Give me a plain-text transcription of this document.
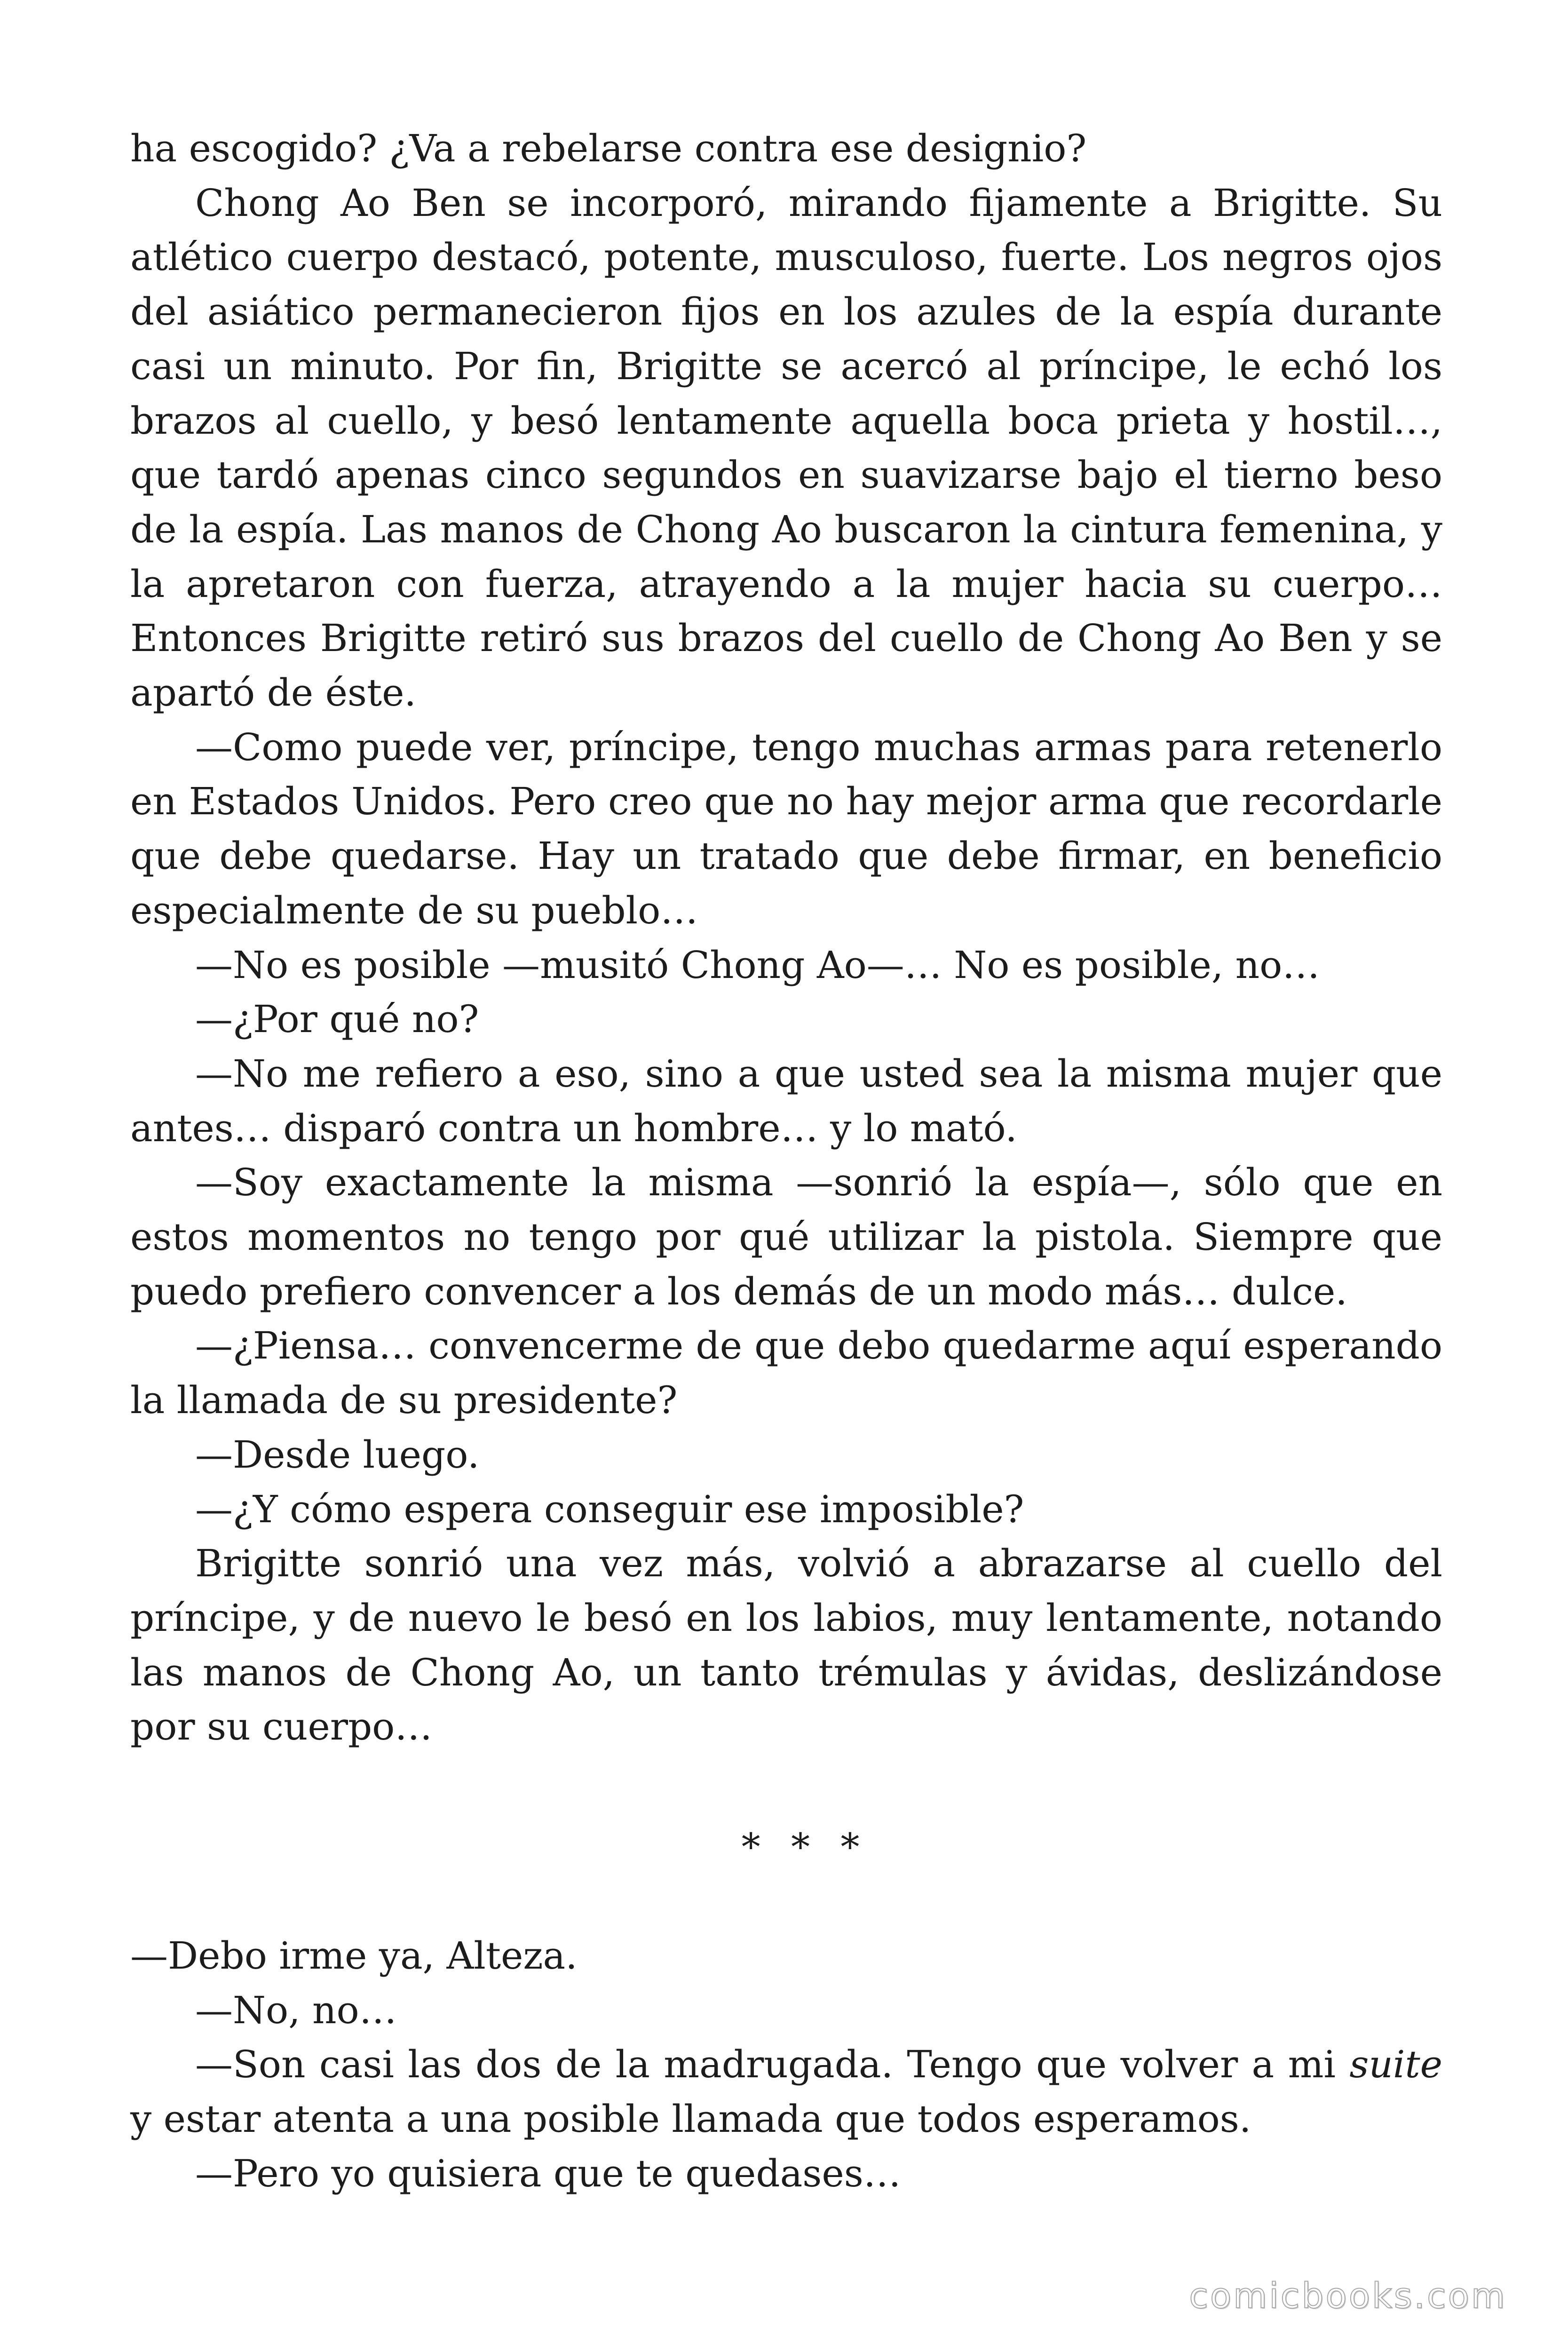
ha escogido? ¿Va a rebelarse contra ese designio?

Chong Ao Ben se incorporó, mirando fijamente a Brigitte. Su atlético cuerpo destacó, potente, musculoso, fuerte. Los negros ojos del asiático permanecieron fijos en los azules de la espía durante casi un minuto. Por fin, Brigitte se acercó al príncipe, le echó los brazos al cuello, y besó lentamente aquella boca prieta y hostil…, que tardó apenas cinco segundos en suavizarse bajo el tierno beso de la espía. Las manos de Chong Ao buscaron la cintura femenina, y la apretaron con fuerza, atrayendo a la mujer hacia su cuerpo… Entonces Brigitte retiró sus brazos del cuello de Chong Ao Ben y se apartó de éste.

—Como puede ver, príncipe, tengo muchas armas para retenerlo en Estados Unidos. Pero creo que no hay mejor arma que recordarle que debe quedarse. Hay un tratado que debe firmar, en beneficio especialmente de su pueblo…

—No es posible —musitó Chong Ao—… No es posible, no…

—¿Por qué no?

—No me refiero a eso, sino a que usted sea la misma mujer que antes… disparó contra un hombre… y lo mató.

—Soy exactamente la misma —sonrió la espía—, sólo que en estos momentos no tengo por qué utilizar la pistola. Siempre que puedo prefiero convencer a los demás de un modo más… dulce.

—¿Piensa… convencerme de que debo quedarme aquí esperando la llamada de su presidente?

—Desde luego.

—¿Y cómo espera conseguir ese imposible?

Brigitte sonrió una vez más, volvió a abrazarse al cuello del príncipe, y de nuevo le besó en los labios, muy lentamente, notando las manos de Chong Ao, un tanto trémulas y ávidas, deslizándose por su cuerpo…

* * *

—Debo irme ya, Alteza.

—No, no…

—Son casi las dos de la madrugada. Tengo que volver a mi suite y estar atenta a una posible llamada que todos esperamos.

—Pero yo quisiera que te quedases…

comicbooks.com
